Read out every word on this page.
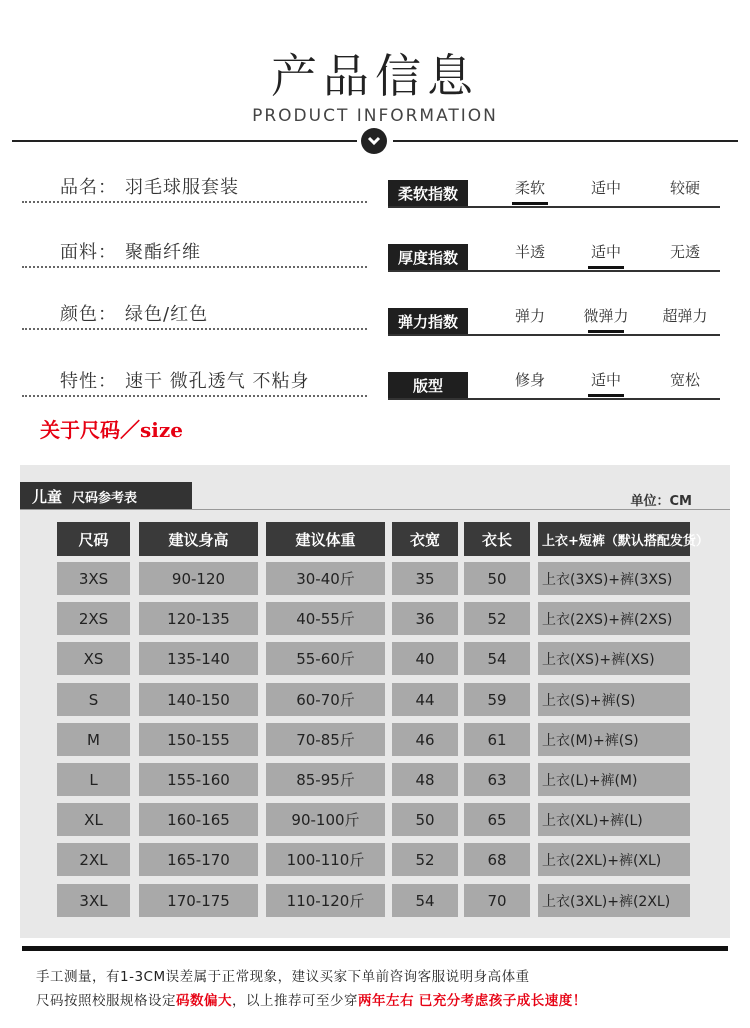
产品信息
PRODUCT INFORMATION
品名： 羽毛球服套装
面料： 聚酯纤维
颜色： 绿色/红色
特性： 速干 微孔透气 不粘身
柔软指数	柔软	适中	较硬
厚度指数	半透	适中	无透
弹力指数	弹力	微弹力	超弹力
版型	修身	适中	宽松
关于尺码／size
儿童 尺码参考表	单位：CM
尺码	建议身高	建议体重	衣宽	衣长	上衣+短裤（默认搭配发货）
3XS	90-120	30-40斤	35	50	上衣(3XS)+裤(3XS)
2XS	120-135	40-55斤	36	52	上衣(2XS)+裤(2XS)
XS	135-140	55-60斤	40	54	上衣(XS)+裤(XS)
S	140-150	60-70斤	44	59	上衣(S)+裤(S)
M	150-155	70-85斤	46	61	上衣(M)+裤(S)
L	155-160	85-95斤	48	63	上衣(L)+裤(M)
XL	160-165	90-100斤	50	65	上衣(XL)+裤(L)
2XL	165-170	100-110斤	52	68	上衣(2XL)+裤(XL)
3XL	170-175	110-120斤	54	70	上衣(3XL)+裤(2XL)
手工测量，有1-3CM误差属于正常现象，建议买家下单前咨询客服说明身高体重
尺码按照校服规格设定码数偏大，以上推荐可至少穿两年左右 已充分考虑孩子成长速度！
